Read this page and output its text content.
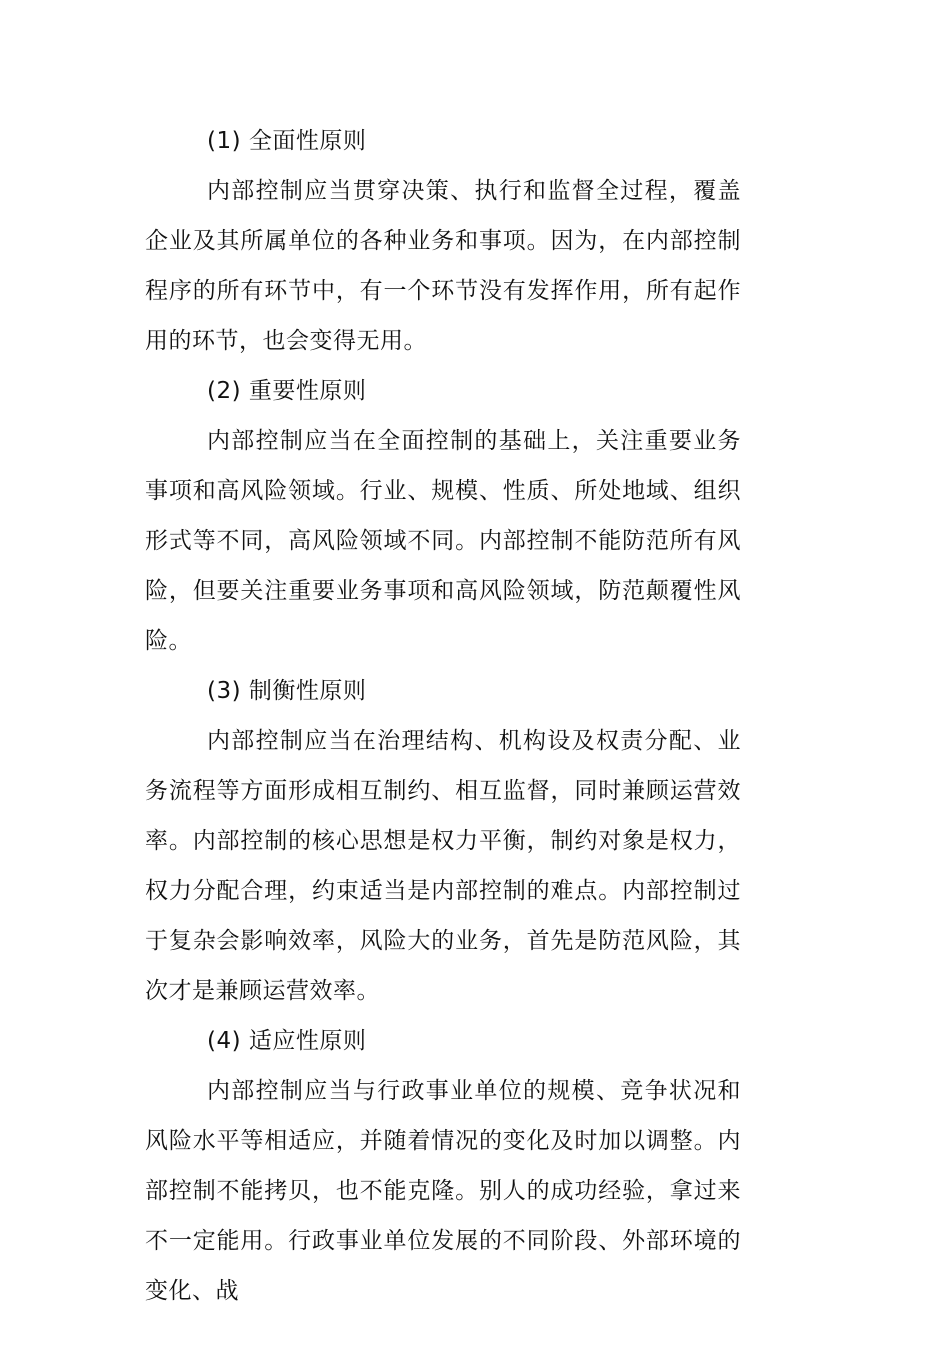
(1) 全面性原则

内部控制应当贯穿决策、执行和监督全过程，覆盖企业及其所属单位的各种业务和事项。因为，在内部控制程序的所有环节中，有一个环节没有发挥作用，所有起作用的环节，也会变得无用。

(2) 重要性原则

内部控制应当在全面控制的基础上，关注重要业务事项和高风险领域。行业、规模、性质、所处地域、组织形式等不同，高风险领域不同。内部控制不能防范所有风险，但要关注重要业务事项和高风险领域，防范颠覆性风险。

(3) 制衡性原则

内部控制应当在治理结构、机构设及权责分配、业务流程等方面形成相互制约、相互监督，同时兼顾运营效率。内部控制的核心思想是权力平衡，制约对象是权力，权力分配合理，约束适当是内部控制的难点。内部控制过于复杂会影响效率，风险大的业务，首先是防范风险，其次才是兼顾运营效率。

(4) 适应性原则

内部控制应当与行政事业单位的规模、竞争状况和风险水平等相适应，并随着情况的变化及时加以调整。内部控制不能拷贝，也不能克隆。别人的成功经验，拿过来不一定能用。行政事业单位发展的不同阶段、外部环境的变化、战
